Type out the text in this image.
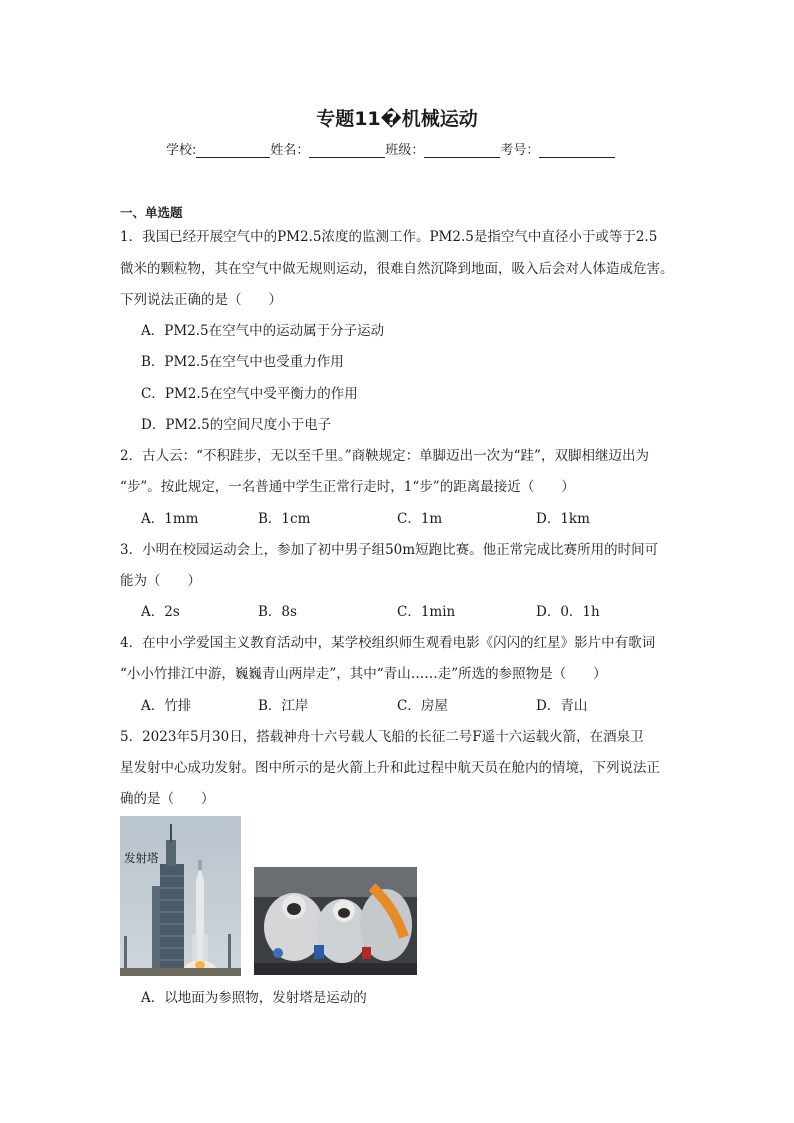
专题11�机械运动
学校:	姓名：	班级：	考号：
一、单选题
1．我国已经开展空气中的PM2.5浓度的监测工作。PM2.5是指空气中直径小于或等于2.5
微米的颗粒物，其在空气中做无规则运动，很难自然沉降到地面，吸入后会对人体造成危害。
下列说法正确的是（　　）
A．PM2.5在空气中的运动属于分子运动
B．PM2.5在空气中也受重力作用
C．PM2.5在空气中受平衡力的作用
D．PM2.5的空间尺度小于电子
2．古人云：“不积跬步，无以至千里。”商鞅规定：单脚迈出一次为“跬”，双脚相继迈出为
“步”。按此规定，一名普通中学生正常行走时，1“步”的距离最接近（　　）
A．1mm	B．1cm	C．1m	D．1km
3．小明在校园运动会上，参加了初中男子组50m短跑比赛。他正常完成比赛所用的时间可
能为（　　）
A．2s	B．8s	C．1min	D．0．1h
4．在中小学爱国主义教育活动中，某学校组织师生观看电影《闪闪的红星》影片中有歌词
“小小竹排江中游，巍巍青山两岸走”，其中“青山……走”所选的参照物是（　　）
A．竹排	B．江岸	C．房屋	D．青山
5．2023年5月30日，搭载神舟十六号载人飞船的长征二号F遥十六运载火箭，在酒泉卫
星发射中心成功发射。图中所示的是火箭上升和此过程中航天员在舱内的情境，下列说法正
确的是（　　）
发射塔
A．以地面为参照物，发射塔是运动的
